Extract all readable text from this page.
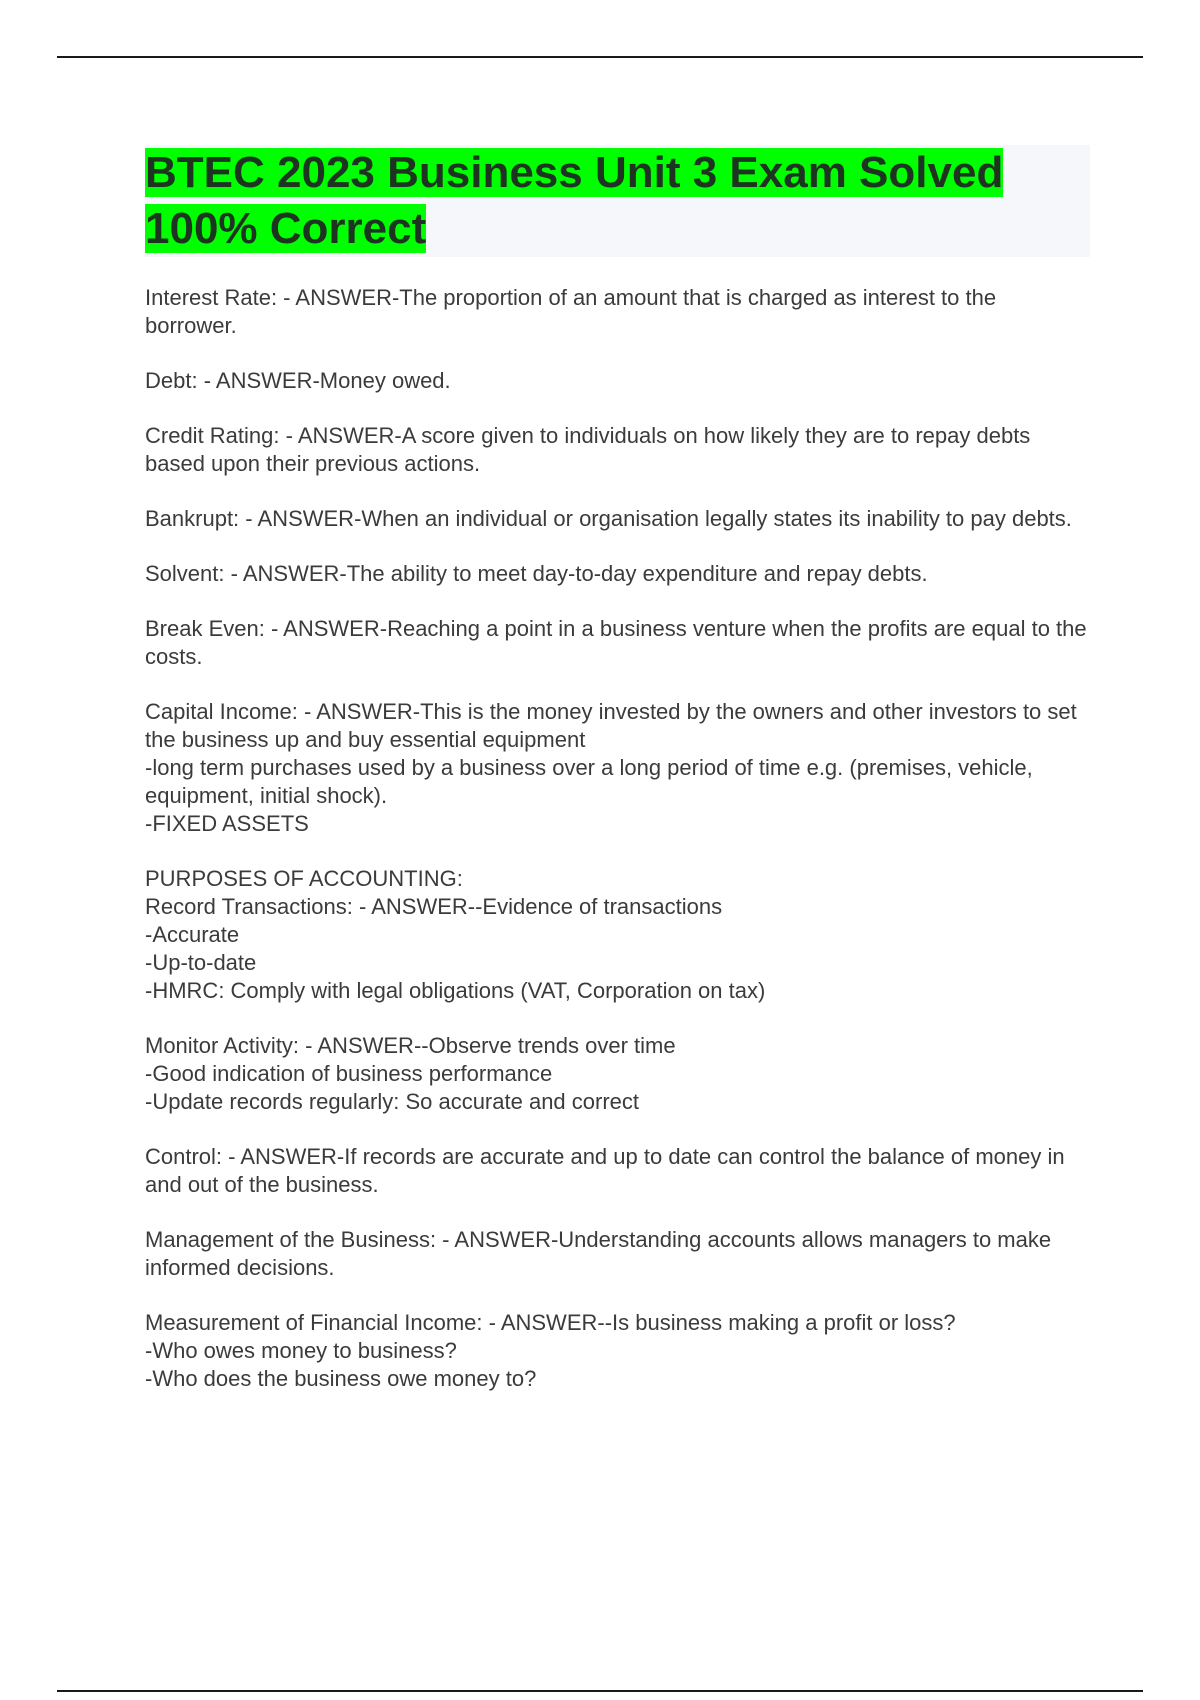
BTEC 2023 Business Unit 3 Exam Solved 100% Correct
Interest Rate: - ANSWER-The proportion of an amount that is charged as interest to the borrower.
Debt: - ANSWER-Money owed.
Credit Rating: - ANSWER-A score given to individuals on how likely they are to repay debts based upon their previous actions.
Bankrupt: - ANSWER-When an individual or organisation legally states its inability to pay debts.
Solvent: - ANSWER-The ability to meet day-to-day expenditure and repay debts.
Break Even: - ANSWER-Reaching a point in a business venture when the profits are equal to the costs.
Capital Income: - ANSWER-This is the money invested by the owners and other investors to set the business up and buy essential equipment
-long term purchases used by a business over a long period of time e.g. (premises, vehicle, equipment, initial shock).
-FIXED ASSETS
PURPOSES OF ACCOUNTING:
Record Transactions: - ANSWER--Evidence of transactions
-Accurate
-Up-to-date
-HMRC: Comply with legal obligations (VAT, Corporation on tax)
Monitor Activity: - ANSWER--Observe trends over time
-Good indication of business performance
-Update records regularly: So accurate and correct
Control: - ANSWER-If records are accurate and up to date can control the balance of money in and out of the business.
Management of the Business: - ANSWER-Understanding accounts allows managers to make informed decisions.
Measurement of Financial Income: - ANSWER--Is business making a profit or loss?
-Who owes money to business?
-Who does the business owe money to?
